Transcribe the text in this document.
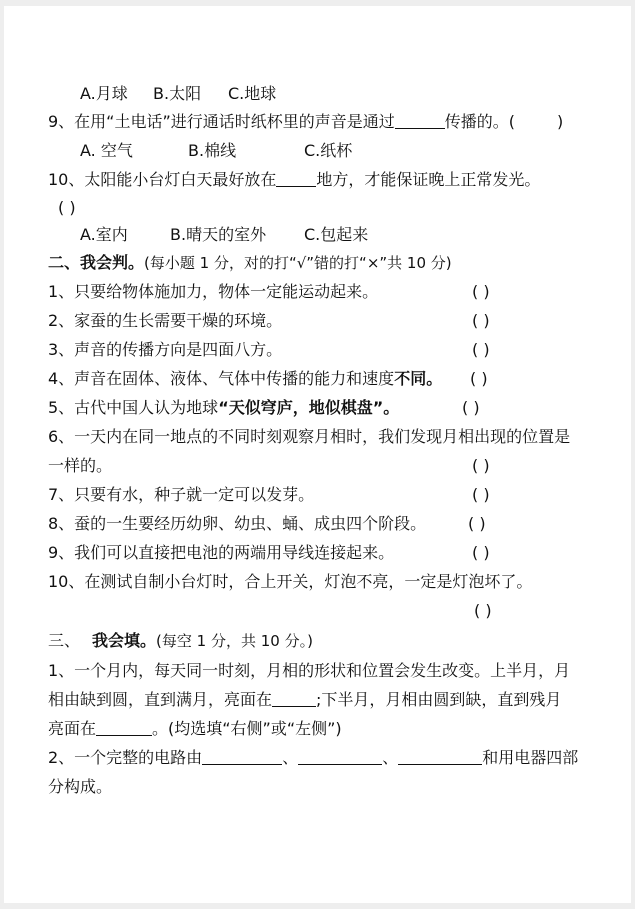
A.月球 B.太阳 C.地球
9、在用“土电话”进行通话时纸杯里的声音是通过	传播的。(	)
A. 空气	B.棉线	C.纸杯
10、太阳能小台灯白天最好放在	地方，才能保证晚上正常发光。
( )
A.室内	B.晴天的室外 C.包起来
二、我会判。(每小题 1 分，对的打“√”错的打“×”共 10 分)
1、只要给物体施加力，物体一定能运动起来。	( )
2、家蚕的生长需要干燥的环境。	( )
3、声音的传播方向是四面八方。	( )
4、声音在固体、液体、气体中传播的能力和速度不同。 ( )
5、古代中国人认为地球“天似穹庐，地似棋盘”。	( )
6、一天内在同一地点的不同时刻观察月相时，我们发现月相出现的位置是
一样的。	( )
7、只要有水，种子就一定可以发芽。	( )
8、蚕的一生要经历幼卵、幼虫、蛹、成虫四个阶段。	( )
9、我们可以直接把电池的两端用导线连接起来。	( )
10、在测试自制小台灯时，合上开关，灯泡不亮，一定是灯泡坏了。
( )
三、 我会填。(每空 1 分，共 10 分。)
1、一个月内，每天同一时刻，月相的形状和位置会发生改变。上半月，月
相由缺到圆，直到满月，亮面在	;下半月，月相由圆到缺，直到残月
亮面在	。(均选填“右侧”或“左侧”)
2、一个完整的电路由	、	、	和用电器四部
分构成。
